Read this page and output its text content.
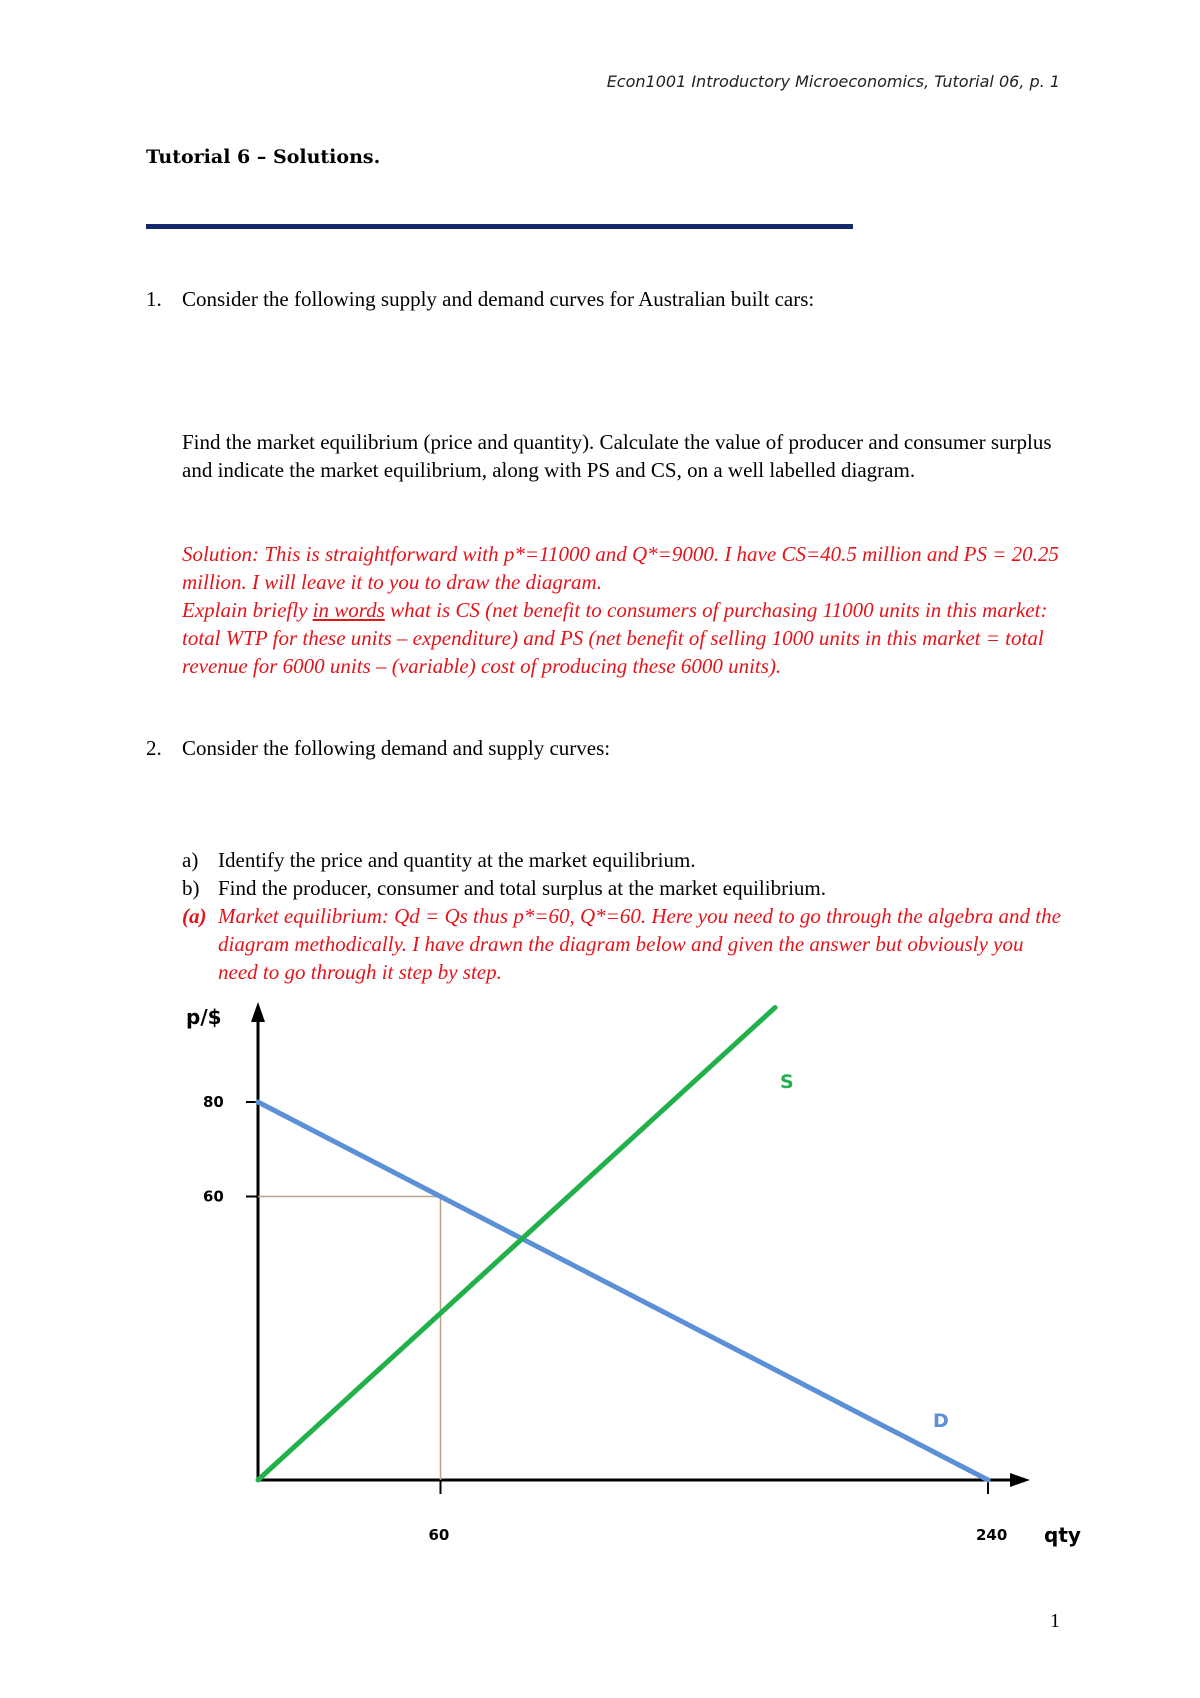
Econ1001 Introductory Microeconomics, Tutorial 06, p. 1
Tutorial 6 – Solutions.
1. Consider the following supply and demand curves for Australian built cars:
Find the market equilibrium (price and quantity). Calculate the value of producer and consumer surplus and indicate the market equilibrium, along with PS and CS, on a well labelled diagram.
Solution: This is straightforward with p*=11000 and Q*=9000. I have CS=40.5 million and PS = 20.25 million. I will leave it to you to draw the diagram.
Explain briefly in words what is CS (net benefit to consumers of purchasing 11000 units in this market: total WTP for these units – expenditure) and PS (net benefit of selling 1000 units in this market = total revenue for 6000 units – (variable) cost of producing these 6000 units).
2. Consider the following demand and supply curves:
a) Identify the price and quantity at the market equilibrium.
b) Find the producer, consumer and total surplus at the market equilibrium.
(a) Market equilibrium: Qd = Qs thus p*=60, Q*=60. Here you need to go through the algebra and the diagram methodically. I have drawn the diagram below and given the answer but obviously you need to go through it step by step.
80
60
60	240
p/$
qty
S
D
1
